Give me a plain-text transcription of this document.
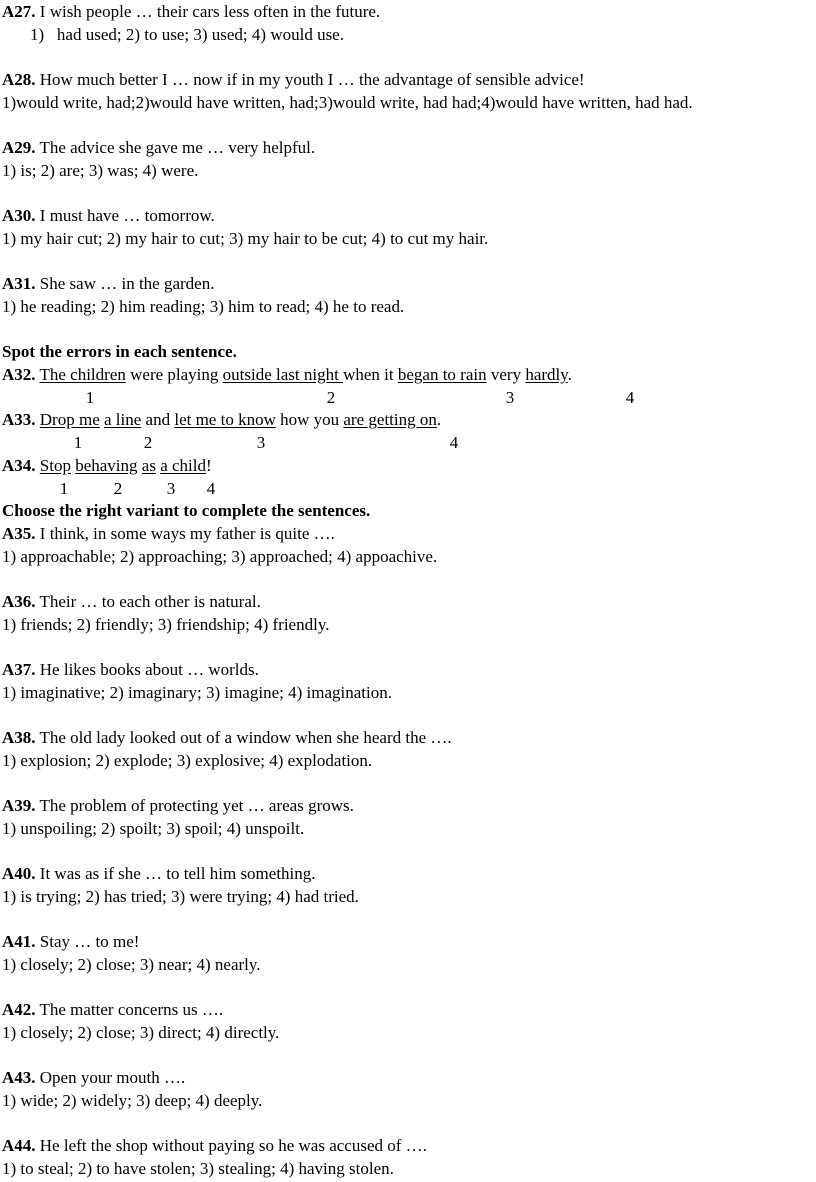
A27. I wish people … their cars less often in the future.
1)   had used; 2) to use; 3) used; 4) would use.
A28. How much better I … now if in my youth I … the advantage of sensible advice!
1)would write, had;2)would have written, had;3)would write, had had;4)would have written, had had.
A29. The advice she gave me … very helpful.
1) is; 2) are; 3) was; 4) were.
A30. I must have … tomorrow.
1) my hair cut; 2) my hair to cut; 3) my hair to be cut; 4) to cut my hair.
A31. She saw … in the garden.
1) he reading; 2) him reading; 3) him to read; 4) he to read.
Spot the errors in each sentence.
A32. The children were playing outside last night when it began to rain very hardly.
1	2	3	4
A33. Drop me a line and let me to know how you are getting on.
1	2	3	4
A34. Stop behaving as a child!
1	2	3 4
Choose the right variant to complete the sentences.
A35. I think, in some ways my father is quite ….
1) approachable; 2) approaching; 3) approached; 4) appoachive.
A36. Their … to each other is natural.
1) friends; 2) friendly; 3) friendship; 4) friendly.
A37. He likes books about … worlds.
1) imaginative; 2) imaginary; 3) imagine; 4) imagination.
A38. The old lady looked out of a window when she heard the ….
1) explosion; 2) explode; 3) explosive; 4) explodation.
A39. The problem of protecting yet … areas grows.
1) unspoiling; 2) spoilt; 3) spoil; 4) unspoilt.
A40. It was as if she … to tell him something.
1) is trying; 2) has tried; 3) were trying; 4) had tried.
A41. Stay … to me!
1) closely; 2) close; 3) near; 4) nearly.
A42. The matter concerns us ….
1) closely; 2) close; 3) direct; 4) directly.
A43. Open your mouth ….
1) wide; 2) widely; 3) deep; 4) deeply.
A44. He left the shop without paying so he was accused of ….
1) to steal; 2) to have stolen; 3) stealing; 4) having stolen.
